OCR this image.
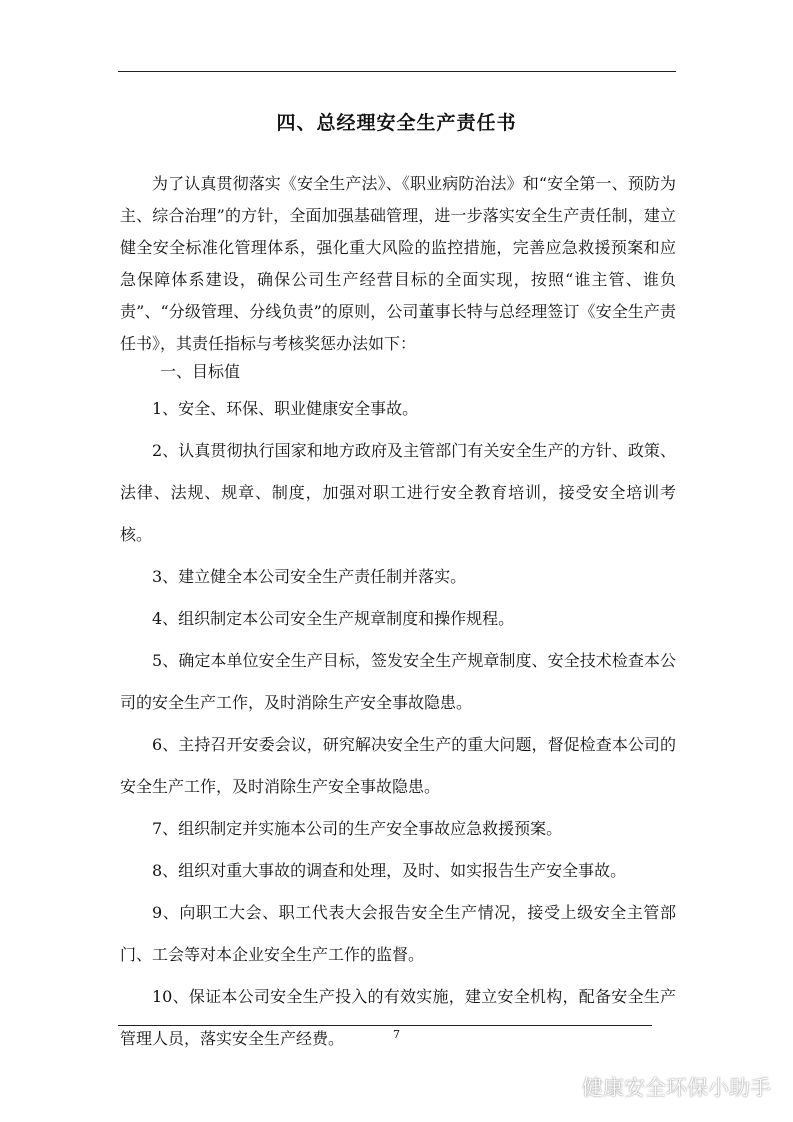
四、总经理安全生产责任书

为了认真贯彻落实《安全生产法》、《职业病防治法》和“安全第一、预防为主、综合治理”的方针，全面加强基础管理，进一步落实安全生产责任制，建立健全安全标准化管理体系，强化重大风险的监控措施，完善应急救援预案和应急保障体系建设，确保公司生产经营目标的全面实现，按照“谁主管、谁负责”、“分级管理、分线负责”的原则，公司董事长特与总经理签订《安全生产责任书》，其责任指标与考核奖惩办法如下：

一、目标值

1、安全、环保、职业健康安全事故。
2、认真贯彻执行国家和地方政府及主管部门有关安全生产的方针、政策、法律、法规、规章、制度，加强对职工进行安全教育培训，接受安全培训考核。
3、建立健全本公司安全生产责任制并落实。
4、组织制定本公司安全生产规章制度和操作规程。
5、确定本单位安全生产目标，签发安全生产规章制度、安全技术检查本公司的安全生产工作，及时消除生产安全事故隐患。
6、主持召开安委会议，研究解决安全生产的重大问题，督促检查本公司的安全生产工作，及时消除生产安全事故隐患。
7、组织制定并实施本公司的生产安全事故应急救援预案。
8、组织对重大事故的调查和处理，及时、如实报告生产安全事故。
9、向职工大会、职工代表大会报告安全生产情况，接受上级安全主管部门、工会等对本企业安全生产工作的监督。
10、保证本公司安全生产投入的有效实施，建立安全机构，配备安全生产管理人员，落实安全生产经费。	7
健康安全环保小助手
